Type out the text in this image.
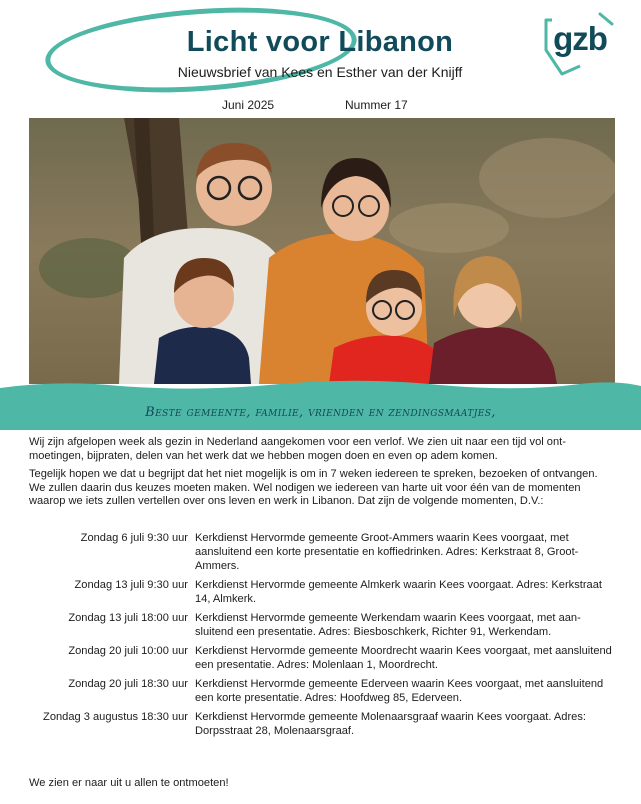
Licht voor Libanon
Nieuwsbrief van Kees en Esther van der Knijff
gzb
Juni 2025	Nummer 17
Beste gemeente, familie, vrienden en zendingsmaatjes,

Wij zijn afgelopen week als gezin in Nederland aangekomen voor een verlof. We zien uit naar een tijd vol ontmoetingen, bijpraten, delen van het werk dat we hebben mogen doen en even op adem komen.

Tegelijk hopen we dat u begrijpt dat het niet mogelijk is om in 7 weken iedereen te spreken, bezoeken of ontvangen. We zullen daarin dus keuzes moeten maken. Wel nodigen we iedereen van harte uit voor één van de momenten waarop we iets zullen vertellen over ons leven en werk in Libanon. Dat zijn de volgende momenten, D.V.:

Zondag 6 juli 9:30 uur Kerkdienst Hervormde gemeente Groot-Ammers waarin Kees voorgaat, met aansluitend een korte presentatie en koffiedrinken. Adres: Kerkstraat 8, Groot-Ammers.
Zondag 13 juli 9:30 uur Kerkdienst Hervormde gemeente Almkerk waarin Kees voorgaat. Adres: Kerkstraat 14, Almkerk.
Zondag 13 juli 18:00 uur Kerkdienst Hervormde gemeente Werkendam waarin Kees voorgaat, met aansluitend een presentatie. Adres: Biesboschkerk, Richter 91, Werkendam.
Zondag 20 juli 10:00 uur Kerkdienst Hervormde gemeente Moordrecht waarin Kees voorgaat, met aansluitend een presentatie. Adres: Molenlaan 1, Moordrecht.
Zondag 20 juli 18:30 uur Kerkdienst Hervormde gemeente Ederveen waarin Kees voorgaat, met aansluitend een korte presentatie. Adres: Hoofdweg 85, Ederveen.
Zondag 3 augustus 18:30 uur Kerkdienst Hervormde gemeente Molenaarsgraaf waarin Kees voorgaat. Adres: Dorpsstraat 28, Molenaarsgraaf.
We zien er naar uit u allen te ontmoeten!
